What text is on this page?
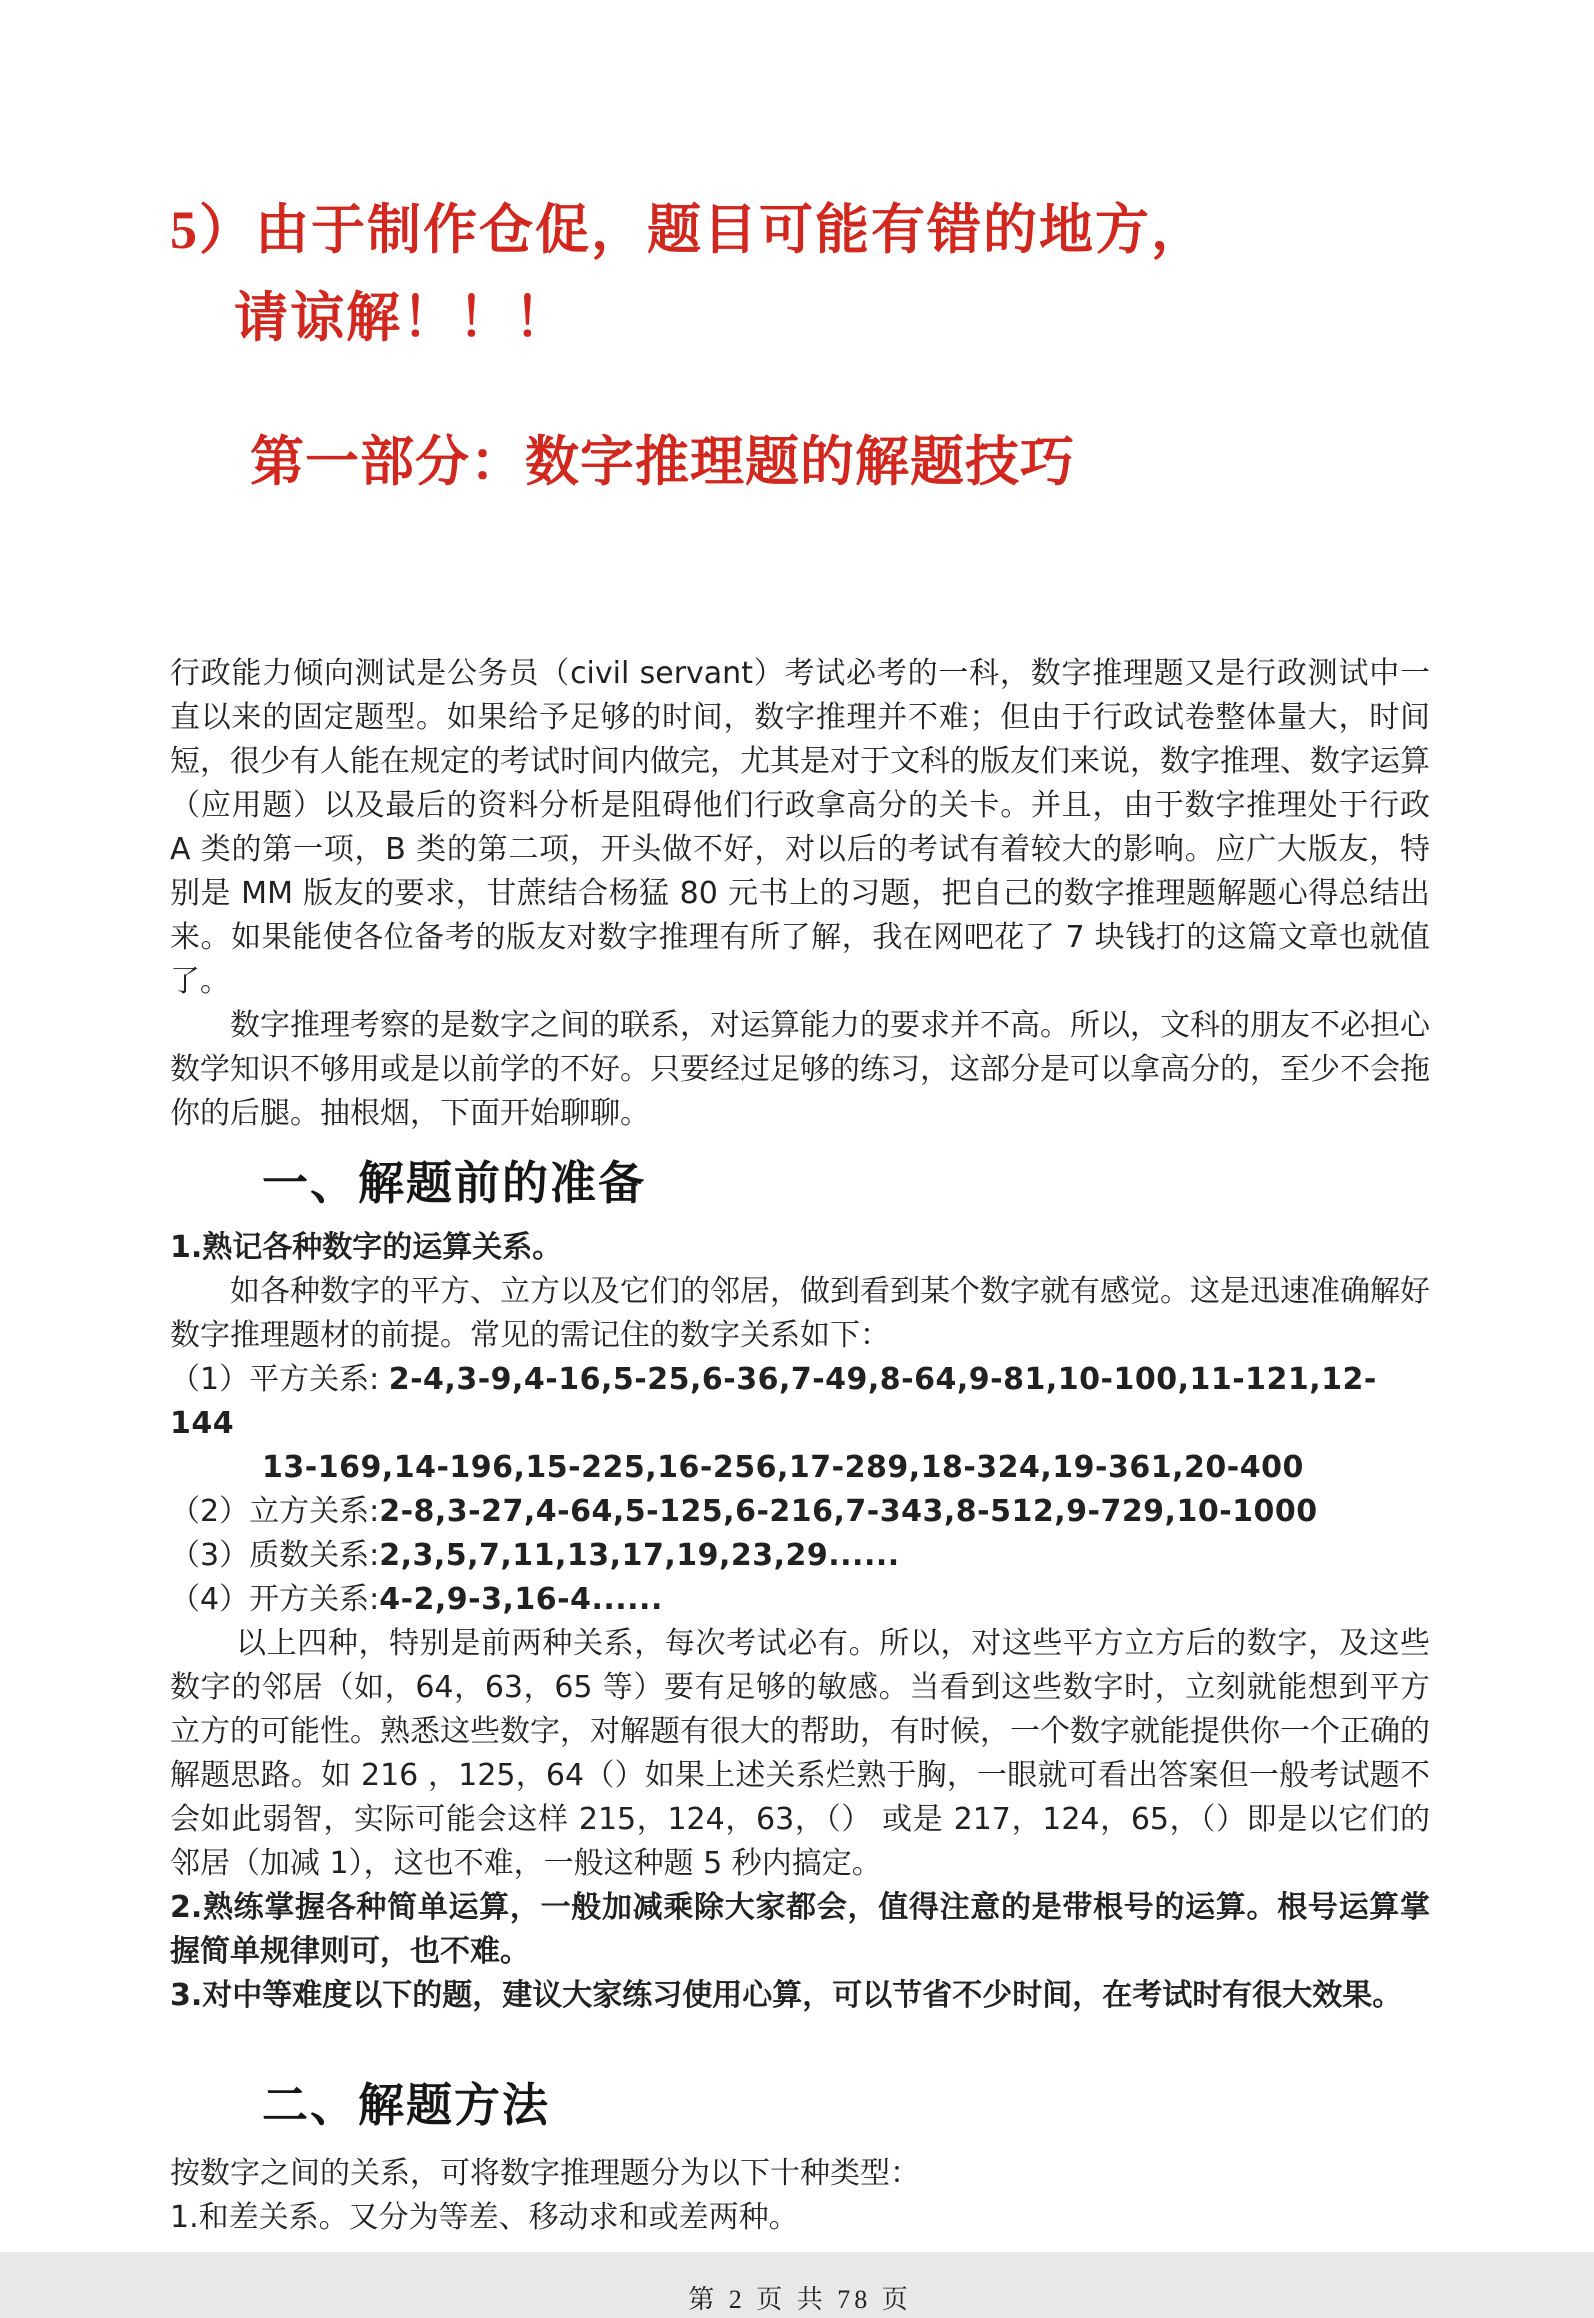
5）由于制作仓促，题目可能有错的地方，
请谅解！！！
第一部分：数字推理题的解题技巧

行政能力倾向测试是公务员（civil servant）考试必考的一科，数字推理题又是行政测试中一直以来的固定题型。如果给予足够的时间，数字推理并不难；但由于行政试卷整体量大，时间短，很少有人能在规定的考试时间内做完，尤其是对于文科的版友们来说，数字推理、数字运算（应用题）以及最后的资料分析是阻碍他们行政拿高分的关卡。并且，由于数字推理处于行政 A 类的第一项，B 类的第二项，开头做不好，对以后的考试有着较大的影响。应广大版友，特别是 MM 版友的要求，甘蔗结合杨猛 80 元书上的习题，把自己的数字推理题解题心得总结出来。如果能使各位备考的版友对数字推理有所了解，我在网吧花了 7 块钱打的这篇文章也就值了。

数字推理考察的是数字之间的联系，对运算能力的要求并不高。所以，文科的朋友不必担心数学知识不够用或是以前学的不好。只要经过足够的练习，这部分是可以拿高分的，至少不会拖你的后腿。抽根烟，下面开始聊聊。

一、解题前的准备

1.熟记各种数字的运算关系。

如各种数字的平方、立方以及它们的邻居，做到看到某个数字就有感觉。这是迅速准确解好数字推理题材的前提。常见的需记住的数字关系如下：

（1）平方关系: 2-4,3-9,4-16,5-25,6-36,7-49,8-64,9-81,10-100,11-121,12-144
13-169,14-196,15-225,16-256,17-289,18-324,19-361,20-400
（2）立方关系:2-8,3-27,4-64,5-125,6-216,7-343,8-512,9-729,10-1000
（3）质数关系:2,3,5,7,11,13,17,19,23,29......
（4）开方关系:4-2,9-3,16-4......

以上四种，特别是前两种关系，每次考试必有。所以，对这些平方立方后的数字，及这些数字的邻居（如，64，63，65 等）要有足够的敏感。当看到这些数字时，立刻就能想到平方立方的可能性。熟悉这些数字，对解题有很大的帮助，有时候，一个数字就能提供你一个正确的解题思路。如 216 ，125，64（）如果上述关系烂熟于胸，一眼就可看出答案但一般考试题不会如此弱智，实际可能会这样 215，124，63，（） 或是 217，124，65，（）即是以它们的邻居（加减 1），这也不难，一般这种题 5 秒内搞定。

2.熟练掌握各种简单运算，一般加减乘除大家都会，值得注意的是带根号的运算。根号运算掌握简单规律则可，也不难。

3.对中等难度以下的题，建议大家练习使用心算，可以节省不少时间，在考试时有很大效果。

二、解题方法

按数字之间的关系，可将数字推理题分为以下十种类型：

1.和差关系。又分为等差、移动求和或差两种。

第 2 页 共 78 页
